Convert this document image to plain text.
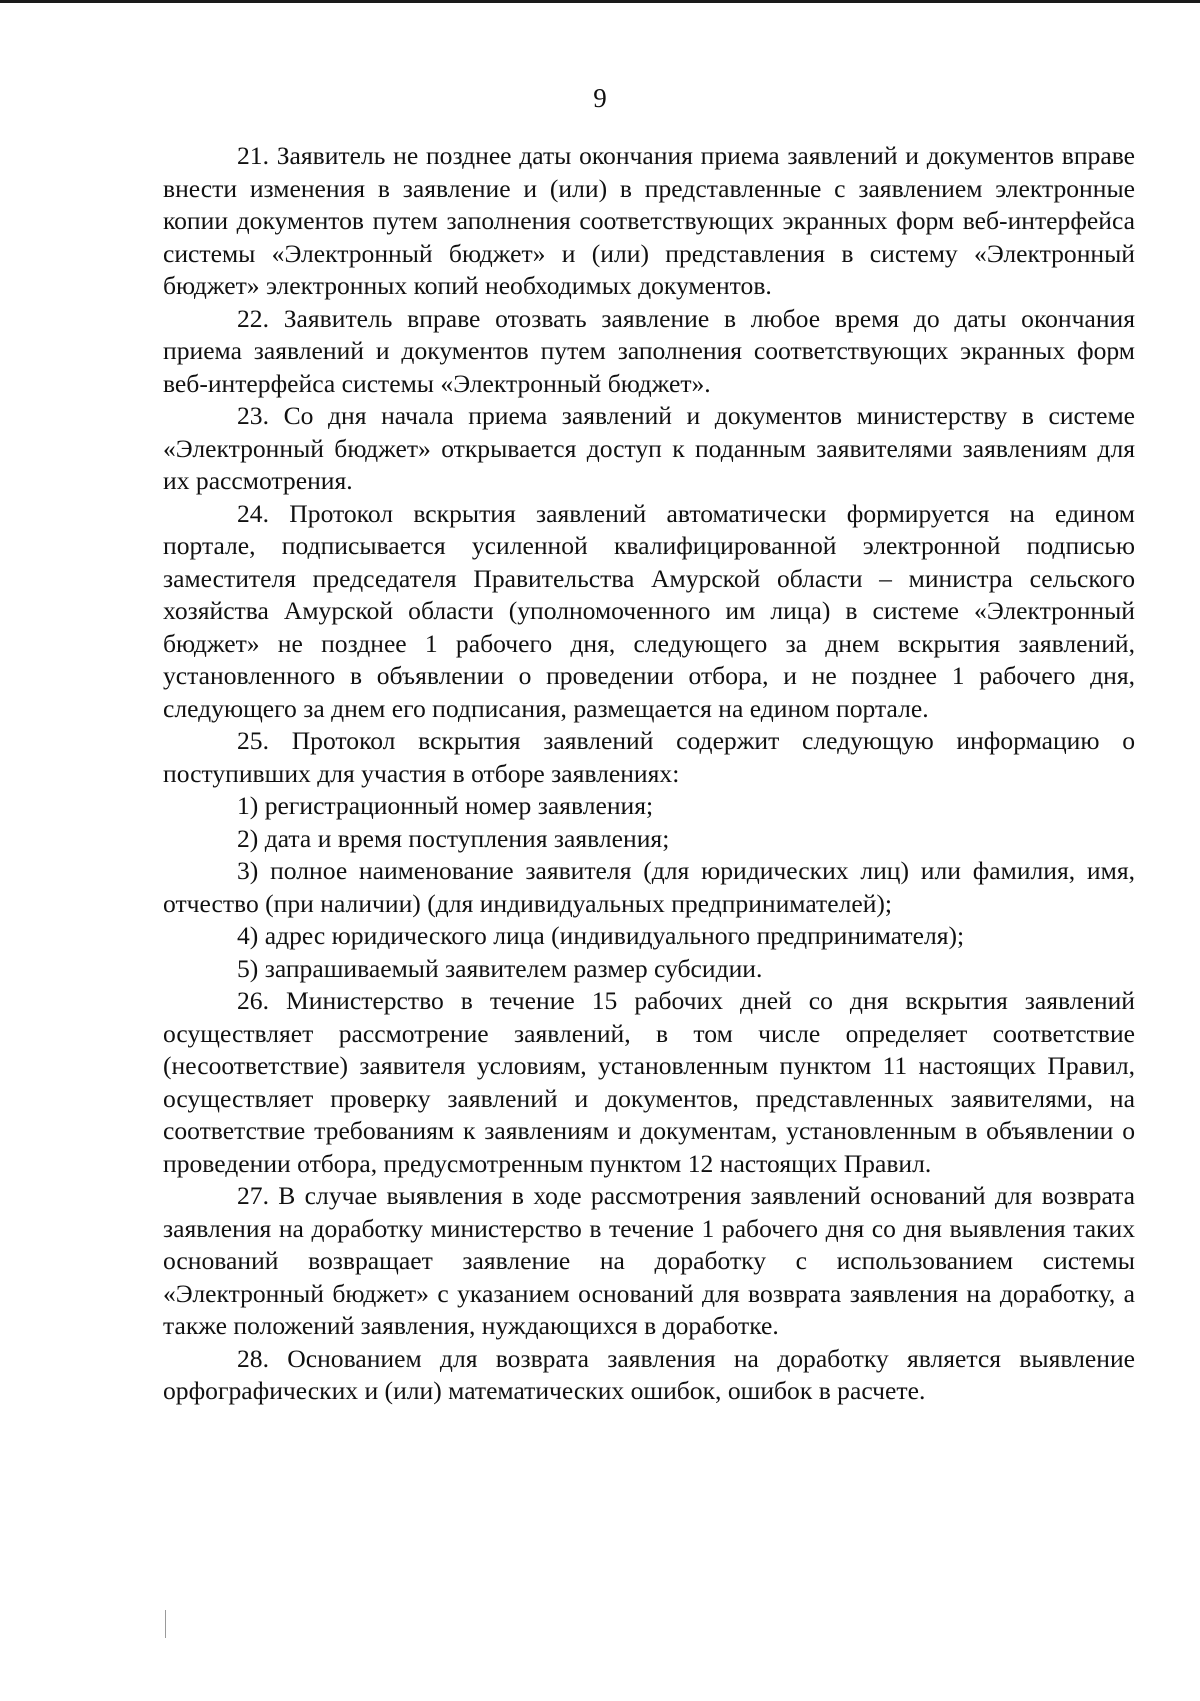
9

21. Заявитель не позднее даты окончания приема заявлений и документов вправе внести изменения в заявление и (или) в представленные с заявлением электронные копии документов путем заполнения соответствующих экранных форм веб-интерфейса системы «Электронный бюджет» и (или) представления в систему «Электронный бюджет» электронных копий необходимых документов.

22. Заявитель вправе отозвать заявление в любое время до даты окончания приема заявлений и документов путем заполнения соответствующих экранных форм веб-интерфейса системы «Электронный бюджет».

23. Со дня начала приема заявлений и документов министерству в системе «Электронный бюджет» открывается доступ к поданным заявителями заявлениям для их рассмотрения.

24. Протокол вскрытия заявлений автоматически формируется на едином портале, подписывается усиленной квалифицированной электронной подписью заместителя председателя Правительства Амурской области – министра сельского хозяйства Амурской области (уполномоченного им лица) в системе «Электронный бюджет» не позднее 1 рабочего дня, следующего за днем вскрытия заявлений, установленного в объявлении о проведении отбора, и не позднее 1 рабочего дня, следующего за днем его подписания, размещается на едином портале.

25. Протокол вскрытия заявлений содержит следующую информацию о поступивших для участия в отборе заявлениях:

1) регистрационный номер заявления;

2) дата и время поступления заявления;

3) полное наименование заявителя (для юридических лиц) или фамилия, имя, отчество (при наличии) (для индивидуальных предпринимателей);

4) адрес юридического лица (индивидуального предпринимателя);

5) запрашиваемый заявителем размер субсидии.

26. Министерство в течение 15 рабочих дней со дня вскрытия заявлений осуществляет рассмотрение заявлений, в том числе определяет соответствие (несоответствие) заявителя условиям, установленным пунктом 11 настоящих Правил, осуществляет проверку заявлений и документов, представленных заявителями, на соответствие требованиям к заявлениям и документам, установленным в объявлении о проведении отбора, предусмотренным пунктом 12 настоящих Правил.

27. В случае выявления в ходе рассмотрения заявлений оснований для возврата заявления на доработку министерство в течение 1 рабочего дня со дня выявления таких оснований возвращает заявление на доработку с использованием системы «Электронный бюджет» с указанием оснований для возврата заявления на доработку, а также положений заявления, нуждающихся в доработке.

28. Основанием для возврата заявления на доработку является выявление орфографических и (или) математических ошибок, ошибок в расчете.
